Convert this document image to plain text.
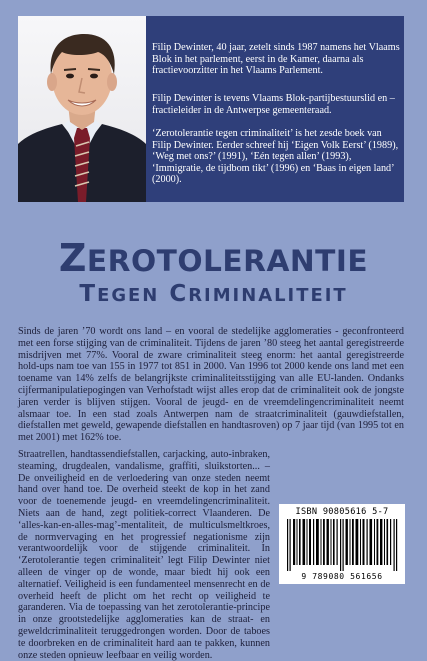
Filip Dewinter, 40 jaar, zetelt sinds 1987 namens het Vlaams Blok in het parlement, eerst in de Kamer, daarna als fractievoorzitter in het Vlaams Parlement.

Filip Dewinter is tevens Vlaams Blok-partijbestuurslid en –fractieleider in de Antwerpse gemeenteraad.

‘Zerotolerantie tegen criminaliteit’ is het zesde boek van Filip Dewinter. Eerder schreef hij ‘Eigen Volk Eerst’ (1989), ‘Weg met ons?’ (1991), ‘Eén tegen allen’ (1993), ‘Immigratie, de tijdbom tikt’ (1996) en ‘Baas in eigen land’ (2000).

ZEROTOLERANTIE
TEGEN CRIMINALITEIT

Sinds de jaren ’70 wordt ons land – en vooral de stedelijke agglomeraties - geconfronteerd met een forse stijging van de criminaliteit. Tijdens de jaren ’80 steeg het aantal geregistreerde misdrijven met 77%. Vooral de zware criminaliteit steeg enorm: het aantal geregistreerde hold-ups nam toe van 155 in 1977 tot 851 in 2000. Van 1996 tot 2000 kende ons land met een toename van 14% zelfs de belangrijkste criminaliteitsstijging van alle EU-landen. Ondanks cijfermanipulatiepogingen van Verhofstadt wijst alles erop dat de criminaliteit ook de jongste jaren verder is blijven stijgen. Vooral de jeugd- en de vreemdelingencriminaliteit neemt alsmaar toe. In een stad zoals Antwerpen nam de straatcriminaliteit (gauwdiefstallen, diefstallen met geweld, gewapende diefstallen en handtasroven) op 7 jaar tijd (van 1995 tot en met 2001) met 162% toe.

Straatrellen, handtassendiefstallen, carjacking, auto-inbraken, steaming, drugdealen, vandalisme, graffiti, sluikstorten... – De onveiligheid en de verloedering van onze steden neemt hand over hand toe. De overheid steekt de kop in het zand voor de toenemende jeugd- en vreemdelingencriminaliteit. Niets aan de hand, zegt politiek-correct Vlaanderen. De ‘alles-kan-en-alles-mag’-mentaliteit, de multiculsmeltkroes, de normvervaging en het progressief negationisme zijn verantwoordelijk voor de stijgende criminaliteit. In ‘Zerotolerantie tegen criminaliteit’ legt Filip Dewinter niet alleen de vinger op de wonde, maar biedt hij ook een alternatief. Veiligheid is een fundamenteel mensenrecht en de overheid heeft de plicht om het recht op veiligheid te garanderen. Via de toepassing van het zerotolerantie-principe in onze grootstedelijke agglomeraties kan de straat- en geweldcriminaliteit teruggedrongen worden. Door de taboes te doorbreken en de criminaliteit hard aan te pakken, kunnen onze steden opnieuw leefbaar en veilig worden.

ISBN 90805616 5-7
9 789080 561656
